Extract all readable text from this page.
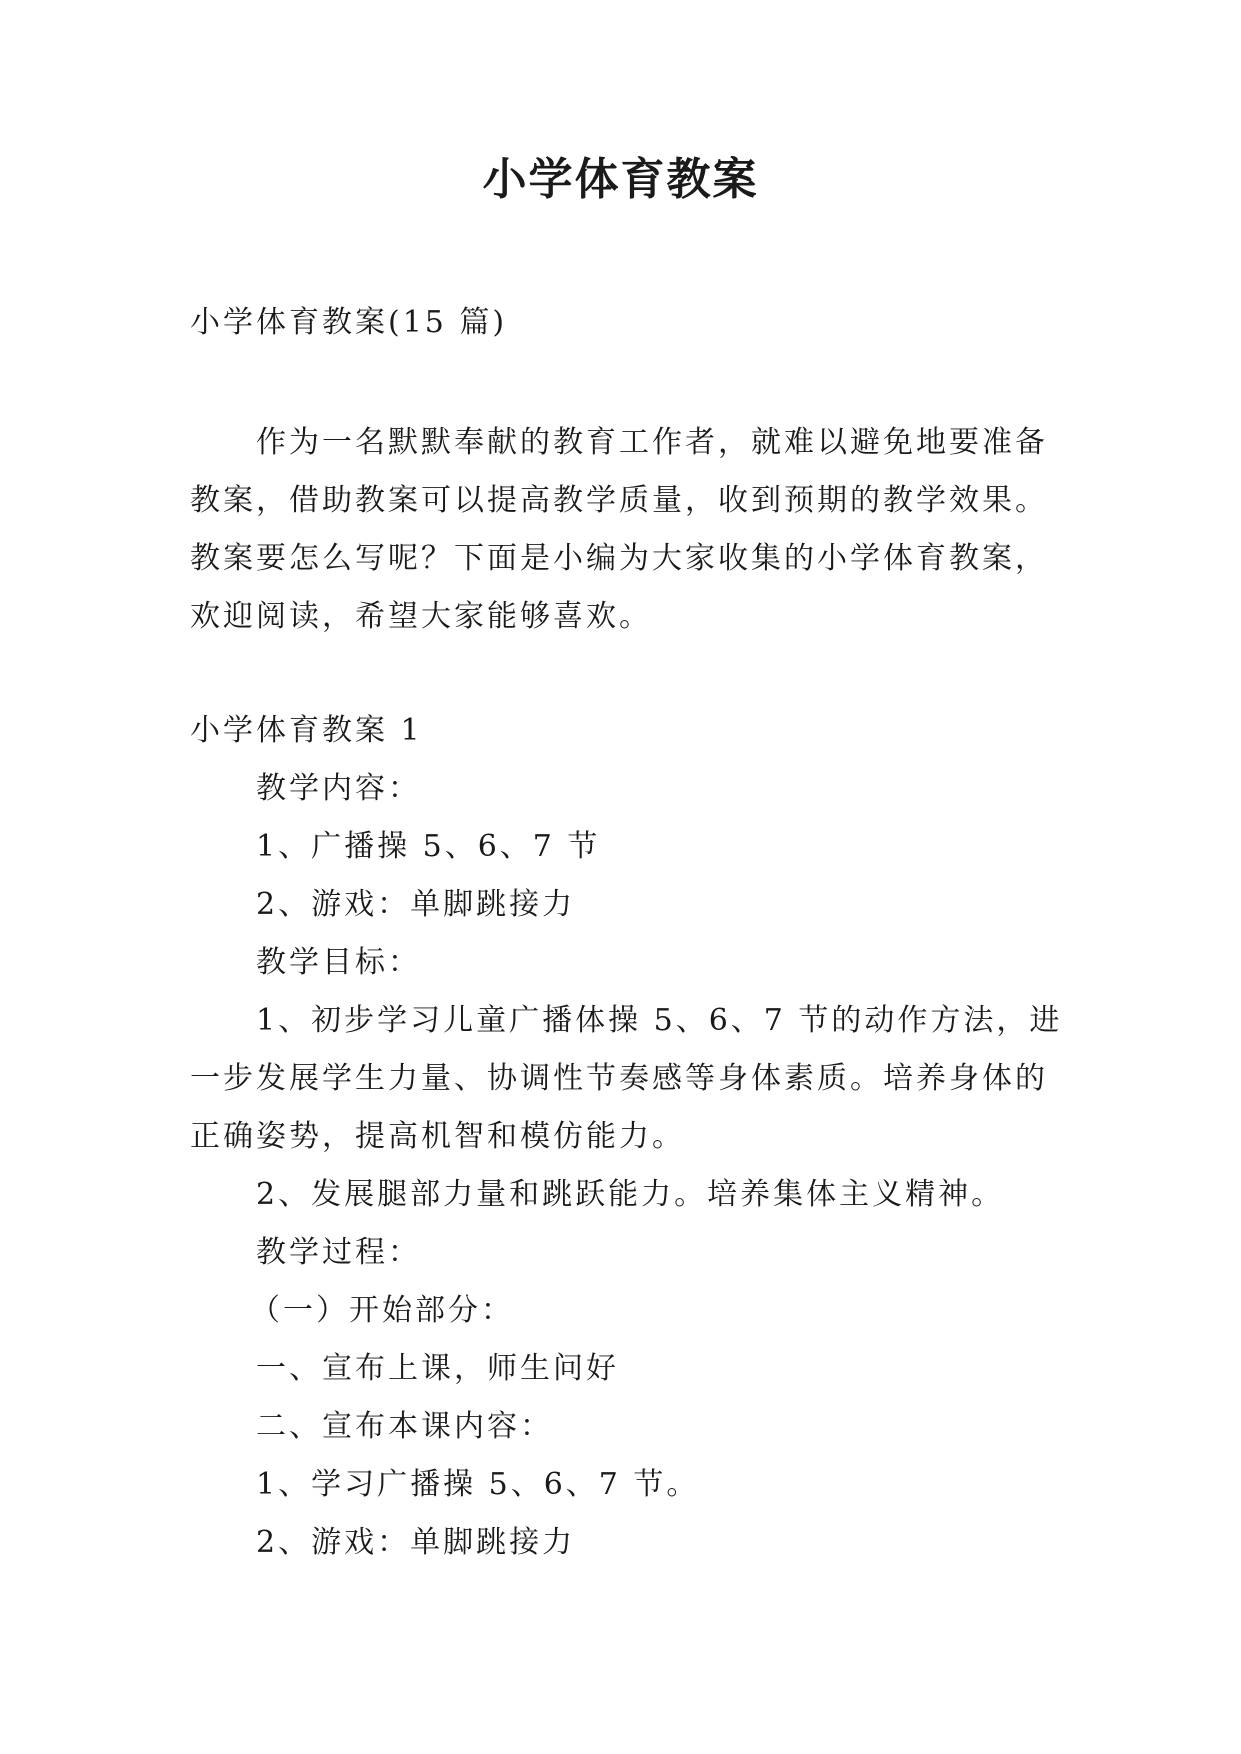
小学体育教案

小学体育教案(15 篇)

作为一名默默奉献的教育工作者，就难以避免地要准备
教案，借助教案可以提高教学质量，收到预期的教学效果。
教案要怎么写呢？下面是小编为大家收集的小学体育教案，
欢迎阅读，希望大家能够喜欢。

小学体育教案 1

教学内容：

1、广播操 5、6、7 节

2、游戏：单脚跳接力

教学目标：

1、初步学习儿童广播体操 5、6、7 节的动作方法，进
一步发展学生力量、协调性节奏感等身体素质。培养身体的
正确姿势，提高机智和模仿能力。

2、发展腿部力量和跳跃能力。培养集体主义精神。

教学过程：

（一）开始部分：

一、宣布上课，师生问好

二、宣布本课内容：

1、学习广播操 5、6、7 节。

2、游戏：单脚跳接力
